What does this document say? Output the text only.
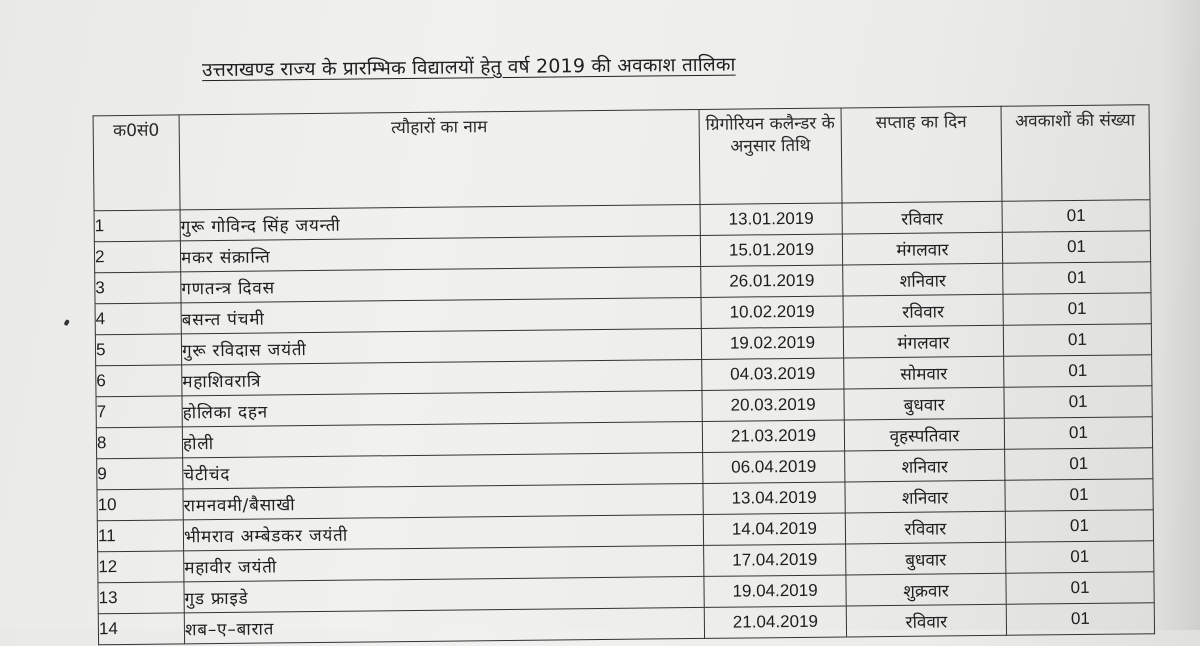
उत्तराखण्ड राज्य के प्रारम्भिक विद्यालयों हेतु वर्ष 2019 की अवकाश तालिका
क0सं0	त्यौहारों का नाम	ग्रिगोरियन कलैन्डर के अनुसार तिथि	सप्ताह का दिन	अवकाशों की संख्या
1	गुरू गोविन्द सिंह जयन्ती	13.01.2019	रविवार	01
2	मकर संक्रान्ति	15.01.2019	मंगलवार	01
3	गणतन्त्र दिवस	26.01.2019	शनिवार	01
4	बसन्त पंचमी	10.02.2019	रविवार	01
5	गुरू रविदास जयंती	19.02.2019	मंगलवार	01
6	महाशिवरात्रि	04.03.2019	सोमवार	01
7	होलिका दहन	20.03.2019	बुधवार	01
8	होली	21.03.2019	वृहस्पतिवार	01
9	चेटीचंद	06.04.2019	शनिवार	01
10	रामनवमी/बैसाखी	13.04.2019	शनिवार	01
11	भीमराव अम्बेडकर जयंती	14.04.2019	रविवार	01
12	महावीर जयंती	17.04.2019	बुधवार	01
13	गुड फ्राइडे	19.04.2019	शुक्रवार	01
14	शब–ए–बारात	21.04.2019	रविवार	01
